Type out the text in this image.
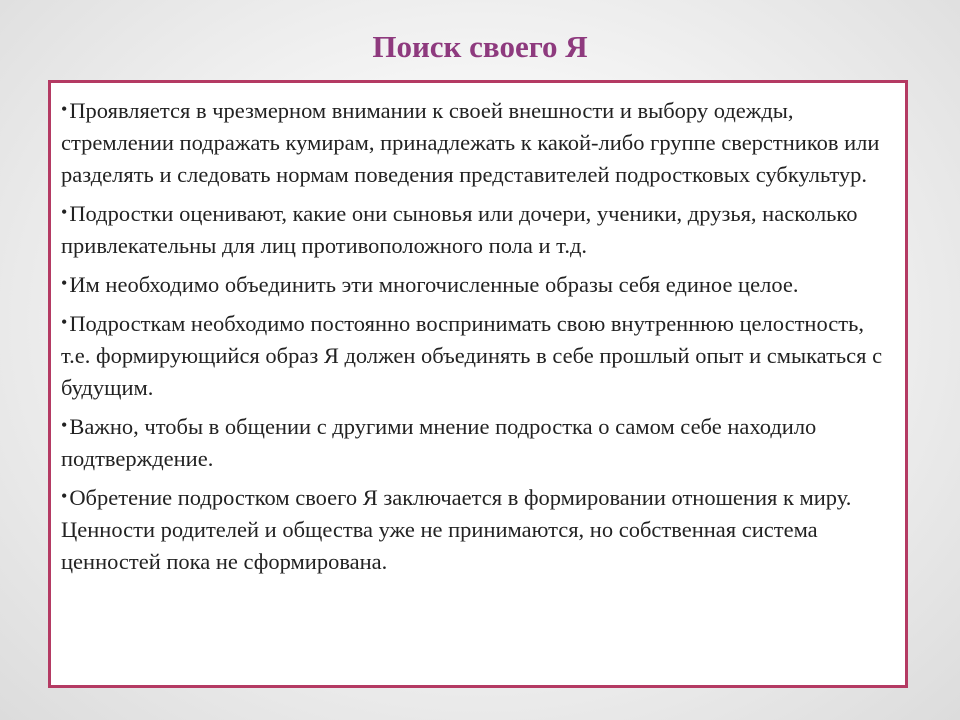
Поиск своего Я
•Проявляется в чрезмерном внимании к своей внешности и выбору одежды, стремлении подражать кумирам, принадлежать к какой-либо группе сверстников или разделять и следовать нормам поведения представителей подростковых субкультур.
•Подростки оценивают, какие они сыновья или дочери, ученики, друзья, насколько привлекательны для лиц противоположного пола и т.д.
•Им необходимо объединить эти многочисленные образы себя единое целое.
•Подросткам необходимо постоянно воспринимать свою внутреннюю целостность, т.е. формирующийся образ Я должен объединять в себе прошлый опыт и смыкаться с будущим.
•Важно, чтобы в общении с другими мнение подростка о самом себе находило подтверждение.
•Обретение подростком своего Я заключается в формировании отношения к миру. Ценности родителей и общества уже не принимаются, но собственная система ценностей пока не сформирована.
